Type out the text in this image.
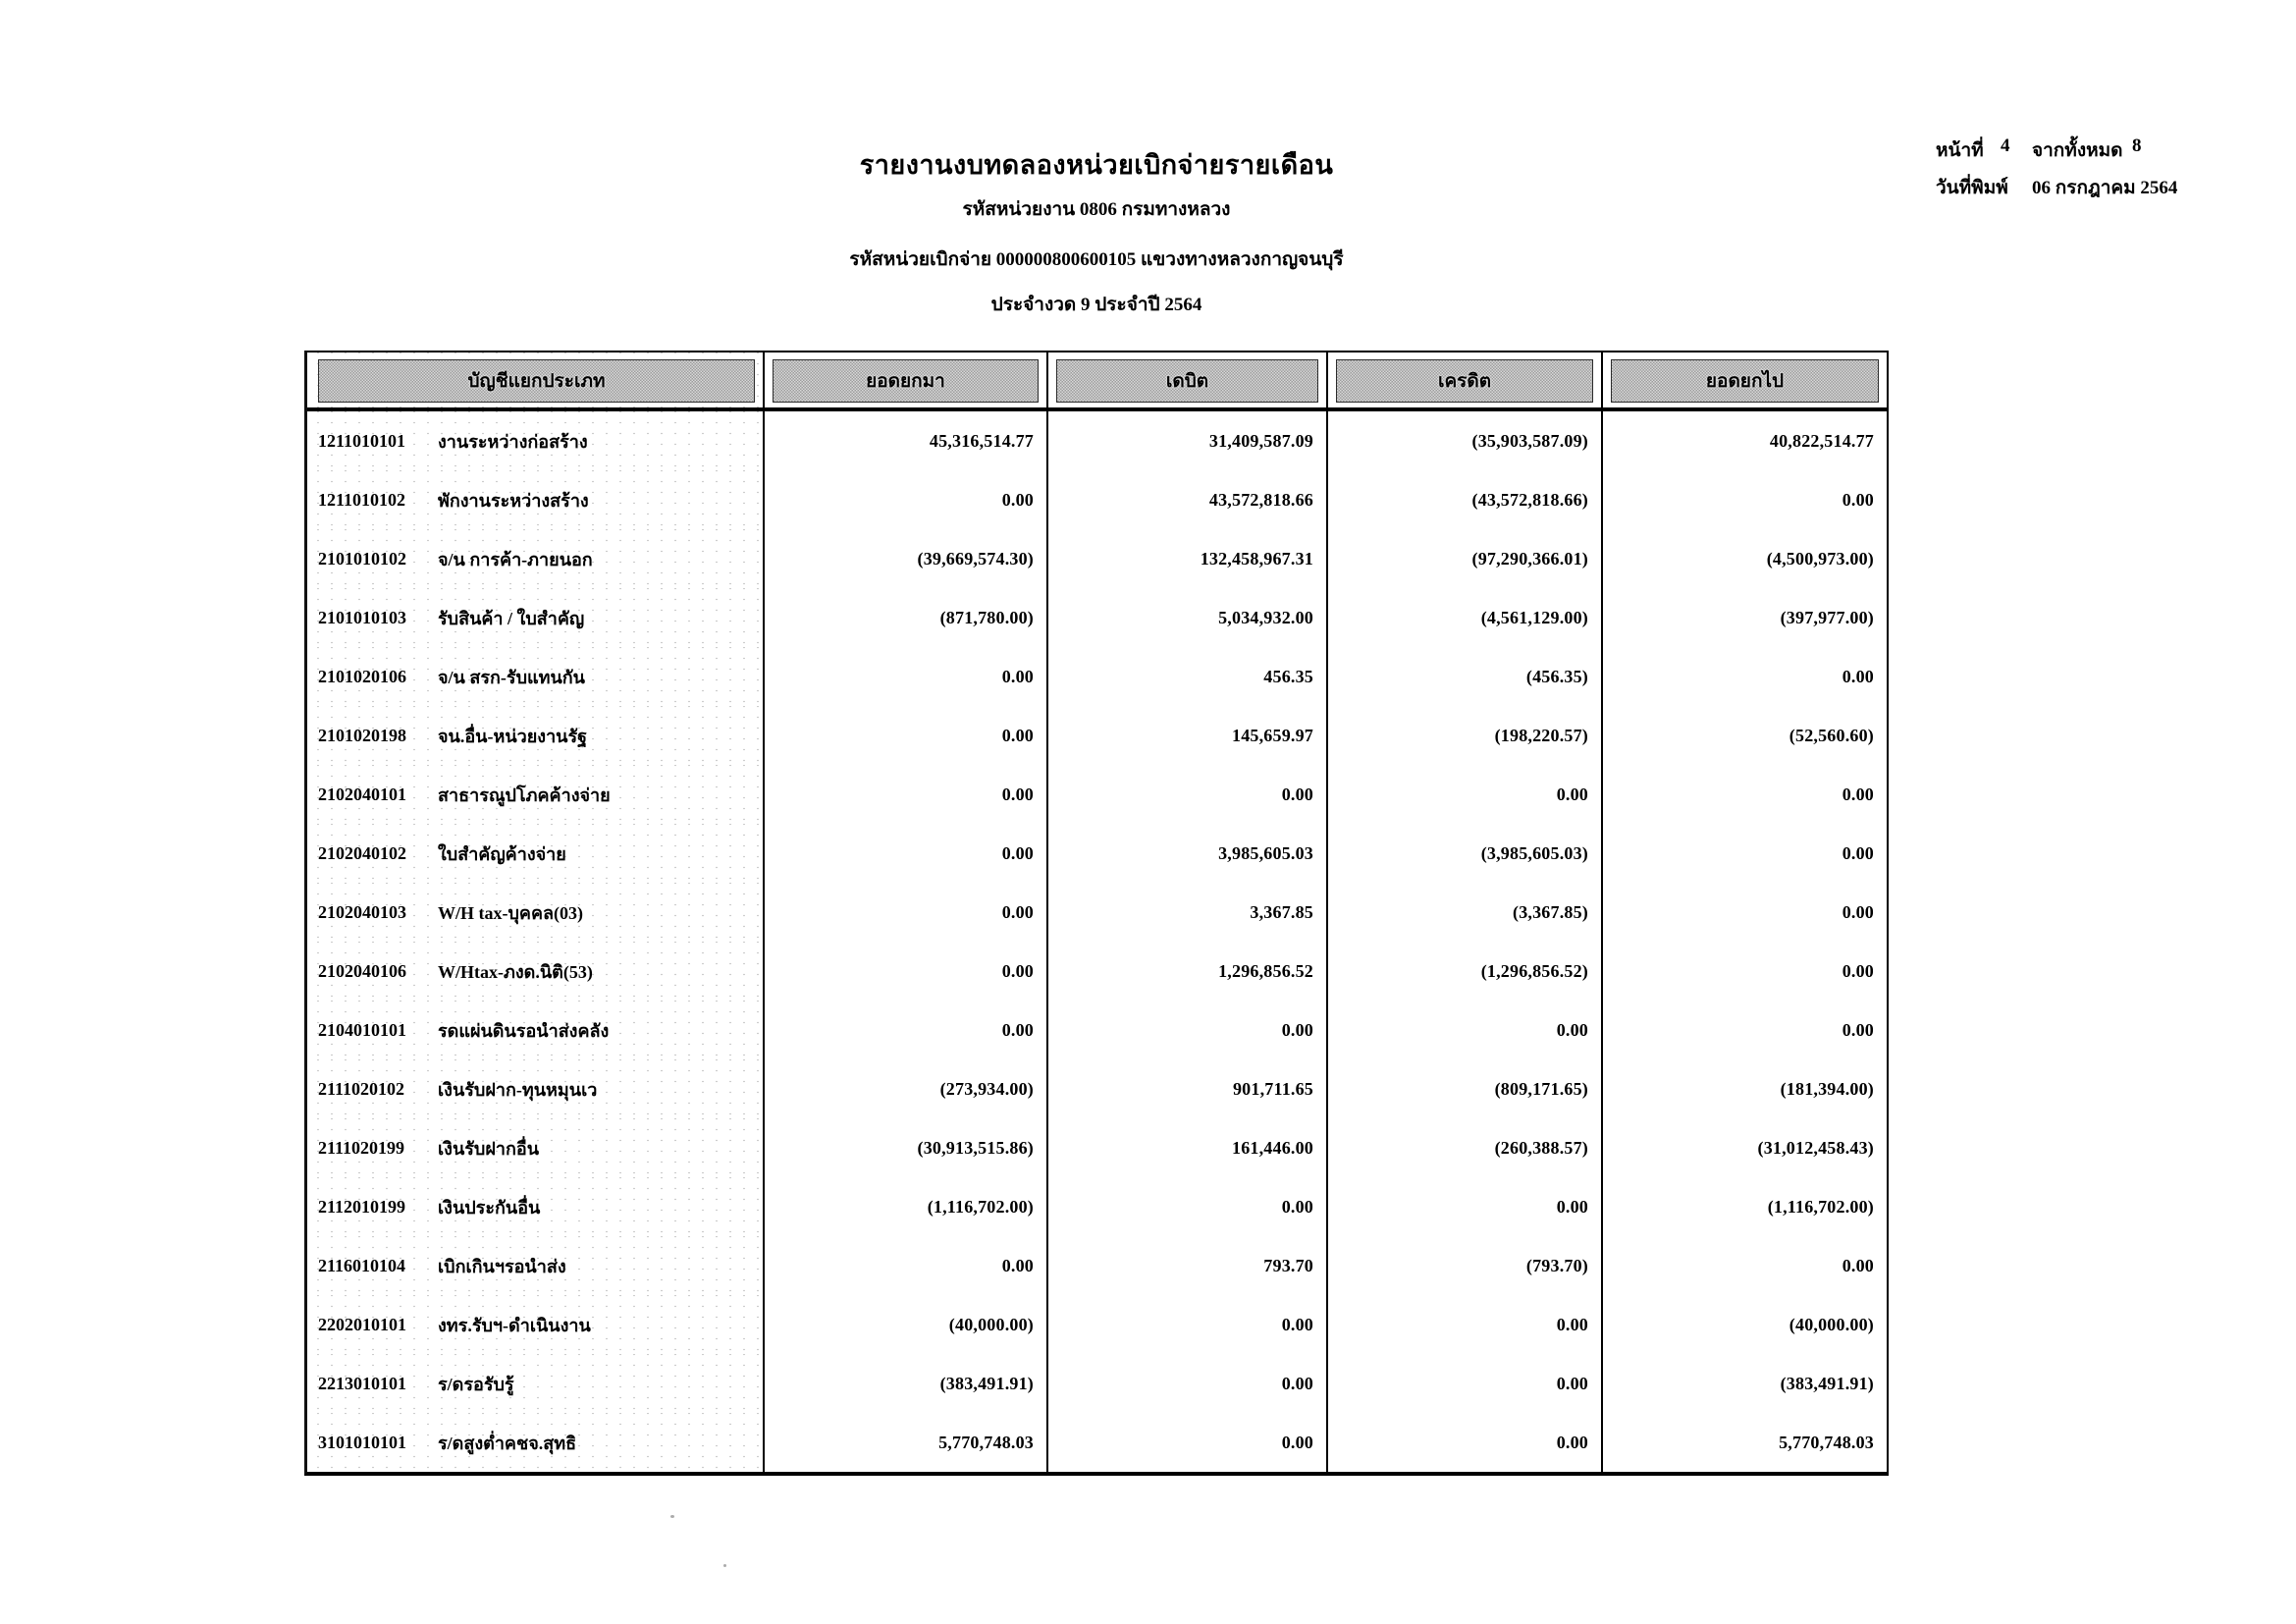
รายงานงบทดลองหน่วยเบิกจ่ายรายเดือน
รหัสหน่วยงาน 0806 กรมทางหลวง
รหัสหน่วยเบิกจ่าย 000000800600105 แขวงทางหลวงกาญจนบุรี
ประจำงวด 9 ประจำปี 2564
หน้าที่ 4 จากทั้งหมด 8
วันที่พิมพ์ 06 กรกฎาคม 2564
บัญชีแยกประเภท	ยอดยกมา	เดบิต	เครดิต	ยอดยกไป
1211010101	งานระหว่างก่อสร้าง	45,316,514.77	31,409,587.09	(35,903,587.09)	40,822,514.77
1211010102	พักงานระหว่างสร้าง	0.00	43,572,818.66	(43,572,818.66)	0.00
2101010102	จ/น การค้า-ภายนอก	(39,669,574.30)	132,458,967.31	(97,290,366.01)	(4,500,973.00)
2101010103	รับสินค้า / ใบสำคัญ	(871,780.00)	5,034,932.00	(4,561,129.00)	(397,977.00)
2101020106	จ/น สรก-รับแทนกัน	0.00	456.35	(456.35)	0.00
2101020198	จน.อื่น-หน่วยงานรัฐ	0.00	145,659.97	(198,220.57)	(52,560.60)
2102040101	สาธารณูปโภคค้างจ่าย	0.00	0.00	0.00	0.00
2102040102	ใบสำคัญค้างจ่าย	0.00	3,985,605.03	(3,985,605.03)	0.00
2102040103	W/H tax-บุคคล(03)	0.00	3,367.85	(3,367.85)	0.00
2102040106	W/Htax-ภงด.นิติ(53)	0.00	1,296,856.52	(1,296,856.52)	0.00
2104010101	รดแผ่นดินรอนำส่งคลัง	0.00	0.00	0.00	0.00
2111020102	เงินรับฝาก-ทุนหมุนเว	(273,934.00)	901,711.65	(809,171.65)	(181,394.00)
2111020199	เงินรับฝากอื่น	(30,913,515.86)	161,446.00	(260,388.57)	(31,012,458.43)
2112010199	เงินประกันอื่น	(1,116,702.00)	0.00	0.00	(1,116,702.00)
2116010104	เบิกเกินฯรอนำส่ง	0.00	793.70	(793.70)	0.00
2202010101	งทร.รับฯ-ดำเนินงาน	(40,000.00)	0.00	0.00	(40,000.00)
2213010101	ร/ดรอรับรู้	(383,491.91)	0.00	0.00	(383,491.91)
3101010101	ร/ดสูงต่ำคชจ.สุทธิ	5,770,748.03	0.00	0.00	5,770,748.03
